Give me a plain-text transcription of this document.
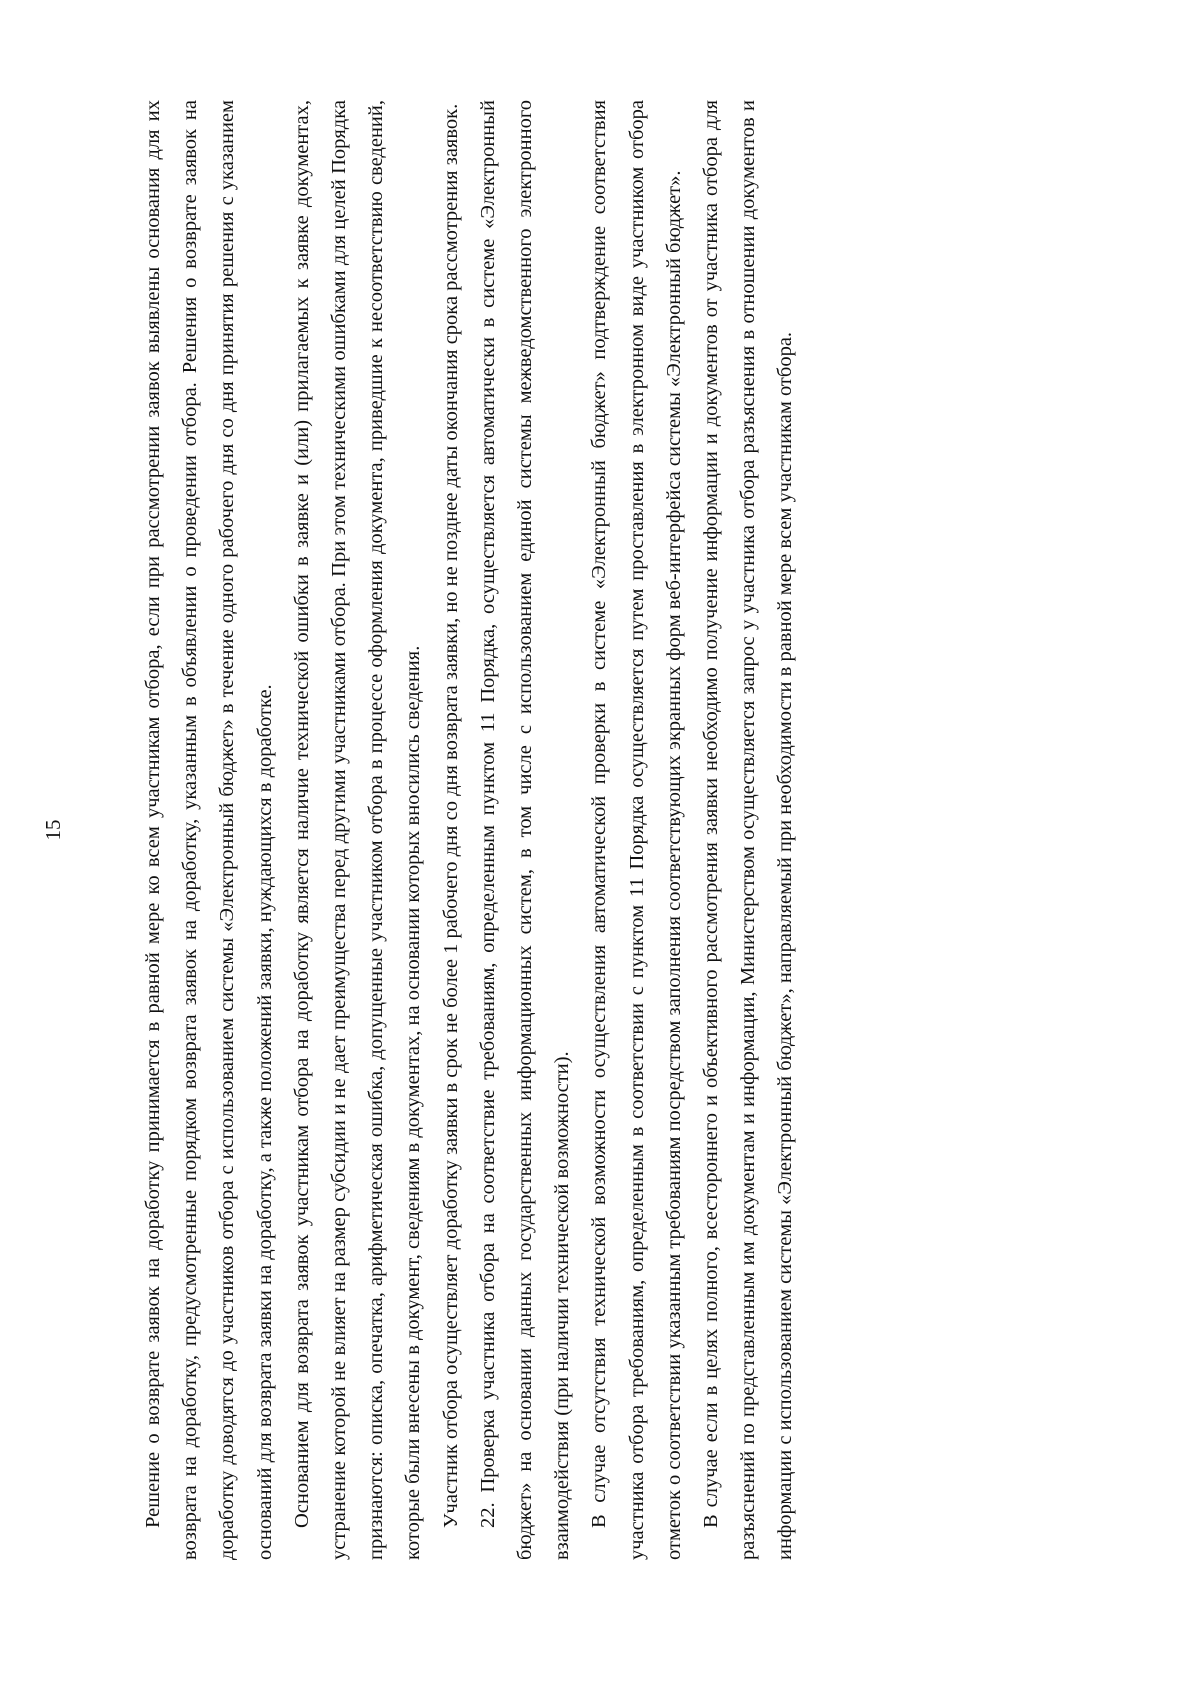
15	Решение о возврате заявок на доработку принимается в равной мере ко всем участникам отбора, если при рассмотрении заявок выявлены основания для их возврата на доработку, предусмотренные порядком возврата заявок на доработку, указанным в объявлении о проведении отбора. Решения о возврате заявок на доработку доводятся до участников отбора с использованием системы «Электронный бюджет» в течение одного рабочего дня со дня принятия решения с указанием оснований для возврата заявки на доработку, а также положений заявки, нуждающихся в доработке. Основанием для возврата заявок участникам отбора на доработку является наличие технической ошибки в заявке и (или) прилагаемых к заявке документах, устранение которой не влияет на размер субсидии и не дает преимущества перед другими участниками отбора. При этом техническими ошибками для целей Порядка признаются: описка, опечатка, арифметическая ошибка, допущенные участником отбора в процессе оформления документа, приведшие к несоответствию сведений, которые были внесены в документ, сведениям в документах, на основании которых вносились сведения. Участник отбора осуществляет доработку заявки в срок не более 1 рабочего дня со дня возврата заявки, но не позднее даты окончания срока рассмотрения заявок. 22. Проверка участника отбора на соответствие требованиям, определенным пунктом 11 Порядка, осуществляется автоматически в системе «Электронный бюджет» на основании данных государственных информационных систем, в том числе с использованием единой системы межведомственного электронного взаимодействия (при наличии технической возможности). В случае отсутствия технической возможности осуществления автоматической проверки в системе «Электронный бюджет» подтверждение соответствия участника отбора требованиям, определенным в соответствии с пунктом 11 Порядка осуществляется путем проставления в электронном виде участником отбора отметок о соответствии указанным требованиям посредством заполнения соответствующих экранных форм веб-интерфейса системы «Электронный бюджет». В случае если в целях полного, всестороннего и объективного рассмотрения заявки необходимо получение информации и документов от участника отбора для разъяснений по представленным им документам и информации, Министерством осуществляется запрос у участника отбора разъяснения в отношении документов и информации с использованием системы «Электронный бюджет», направляемый при необходимости в равной мере всем участникам отбора.
